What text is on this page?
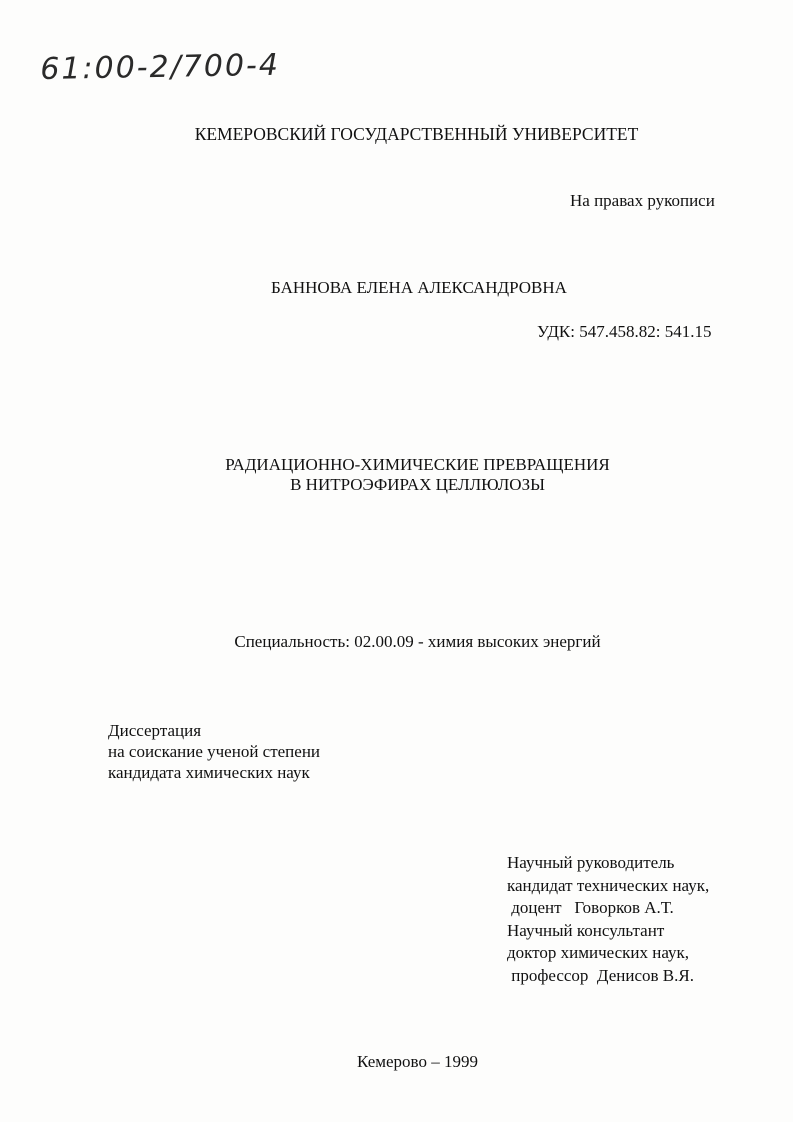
61:00-2/700-4

КЕМЕРОВСКИЙ ГОСУДАРСТВЕННЫЙ УНИВЕРСИТЕТ

На правах рукописи

БАННОВА ЕЛЕНА АЛЕКСАНДРОВНА

УДК: 547.458.82: 541.15

РАДИАЦИОННО-ХИМИЧЕСКИЕ ПРЕВРАЩЕНИЯ
В НИТРОЭФИРАХ ЦЕЛЛЮЛОЗЫ

Специальность: 02.00.09 - химия высоких энергий

Диссертация
на соискание ученой степени
кандидата химических наук
Научный руководитель
кандидат технических наук,
доцент   Говорков А.Т.
Научный консультант
доктор химических наук,
профессор  Денисов В.Я.

Кемерово – 1999
